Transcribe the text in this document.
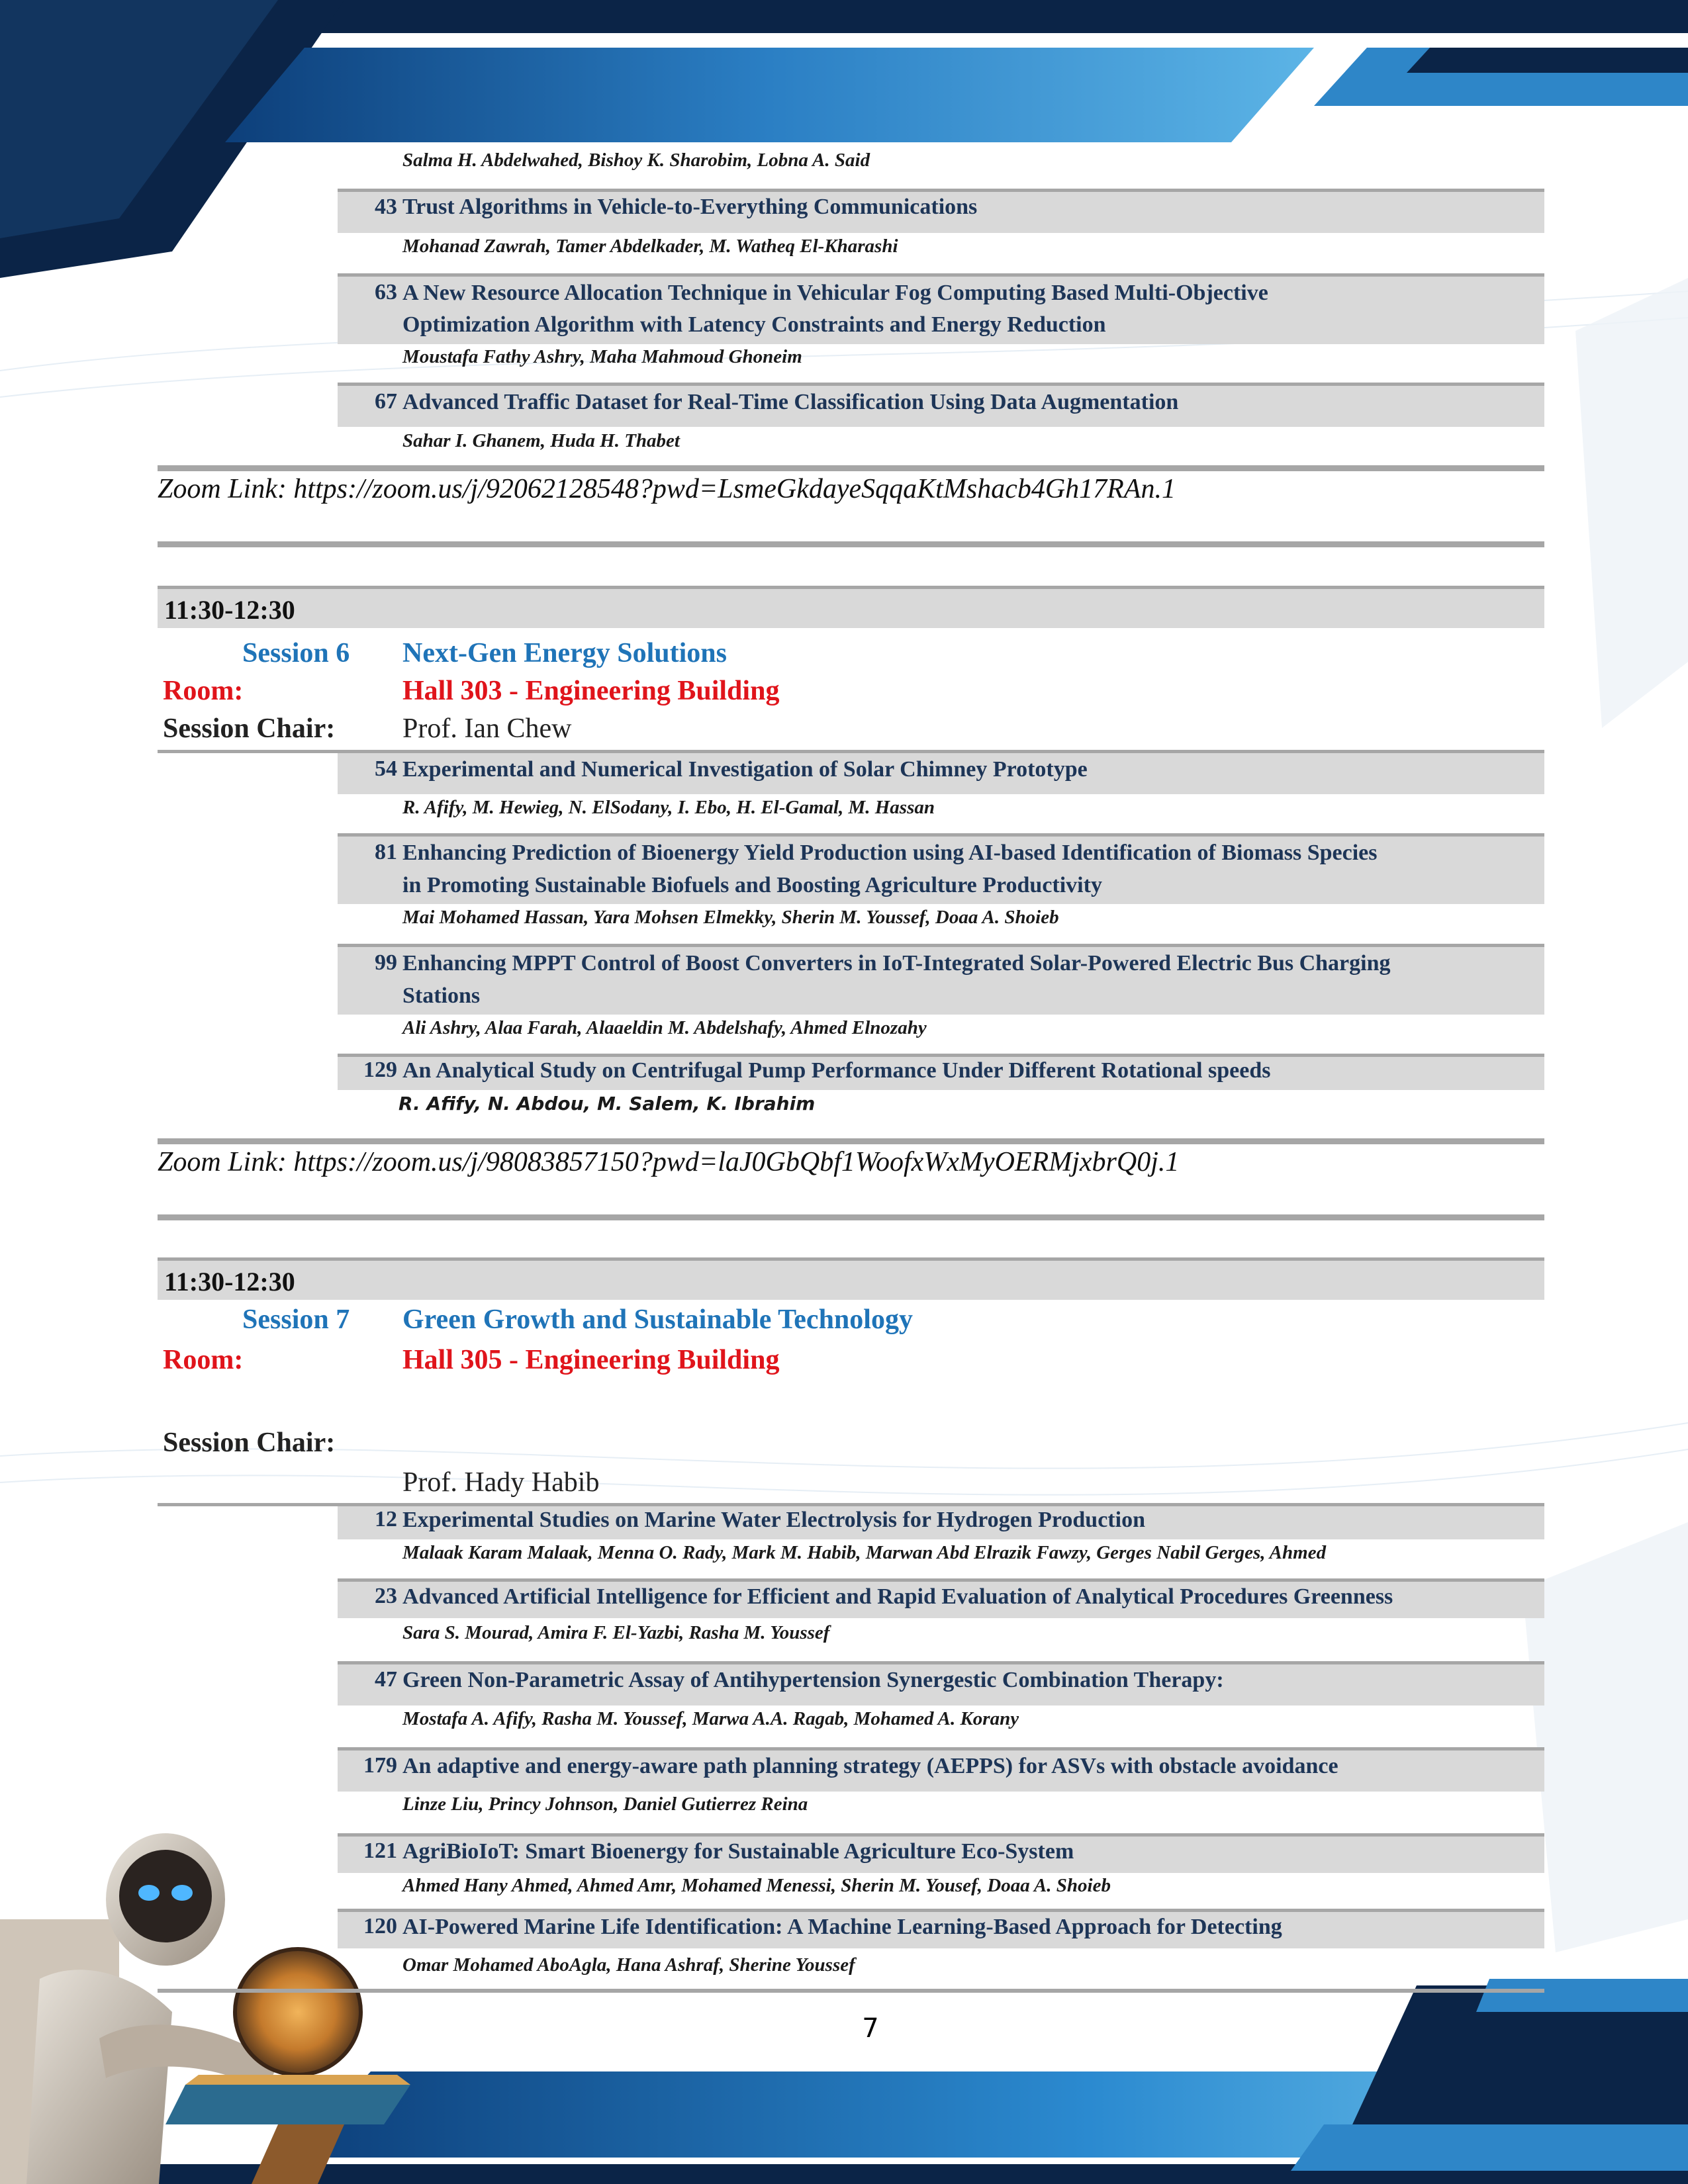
Salma H. Abdelwahed, Bishoy K. Sharobim, Lobna A. Said
43 Trust Algorithms in Vehicle-to-Everything Communications
Mohanad Zawrah, Tamer Abdelkader, M. Watheq El-Kharashi
63 A New Resource Allocation Technique in Vehicular Fog Computing Based Multi-Objective
Optimization Algorithm with Latency Constraints and Energy Reduction
Moustafa Fathy Ashry, Maha Mahmoud Ghoneim
67 Advanced Traffic Dataset for Real-Time Classification Using Data Augmentation
Sahar I. Ghanem, Huda H. Thabet
Zoom Link: https://zoom.us/j/92062128548?pwd=LsmeGkdayeSqqaKtMshacb4Gh17RAn.1
11:30-12:30
Session 6 Next-Gen Energy Solutions
Room:	Hall 303 - Engineering Building
Session Chair: Prof. Ian Chew
54 Experimental and Numerical Investigation of Solar Chimney Prototype
R. Afify, M. Hewieg, N. ElSodany, I. Ebo, H. El-Gamal, M. Hassan
81 Enhancing Prediction of Bioenergy Yield Production using AI-based Identification of Biomass Species
in Promoting Sustainable Biofuels and Boosting Agriculture Productivity
Mai Mohamed Hassan, Yara Mohsen Elmekky, Sherin M. Youssef, Doaa A. Shoieb
99 Enhancing MPPT Control of Boost Converters in IoT-Integrated Solar-Powered Electric Bus Charging
Stations
Ali Ashry, Alaa Farah, Alaaeldin M. Abdelshafy, Ahmed Elnozahy
129 An Analytical Study on Centrifugal Pump Performance Under Different Rotational speeds
R. Afify, N. Abdou, M. Salem, K. Ibrahim
Zoom Link: https://zoom.us/j/98083857150?pwd=laJ0GbQbf1WoofxWxMyOERMjxbrQ0j.1
11:30-12:30
Session 7 Green Growth and Sustainable Technology
Room:	Hall 305 - Engineering Building
Session Chair:
Prof. Hady Habib
12 Experimental Studies on Marine Water Electrolysis for Hydrogen Production
Malaak Karam Malaak, Menna O. Rady, Mark M. Habib, Marwan Abd Elrazik Fawzy, Gerges Nabil Gerges, Ahmed
23 Advanced Artificial Intelligence for Efficient and Rapid Evaluation of Analytical Procedures Greenness
Sara S. Mourad, Amira F. El-Yazbi, Rasha M. Youssef
47 Green Non-Parametric Assay of Antihypertension Synergestic Combination Therapy:
Mostafa A. Afify, Rasha M. Youssef, Marwa A.A. Ragab, Mohamed A. Korany
179 An adaptive and energy-aware path planning strategy (AEPPS) for ASVs with obstacle avoidance
Linze Liu, Princy Johnson, Daniel Gutierrez Reina
121 AgriBioIoT: Smart Bioenergy for Sustainable Agriculture Eco-System
Ahmed Hany Ahmed, Ahmed Amr, Mohamed Menessi, Sherin M. Yousef, Doaa A. Shoieb
120 AI-Powered Marine Life Identification: A Machine Learning-Based Approach for Detecting
Omar Mohamed AboAgla, Hana Ashraf, Sherine Youssef
7
